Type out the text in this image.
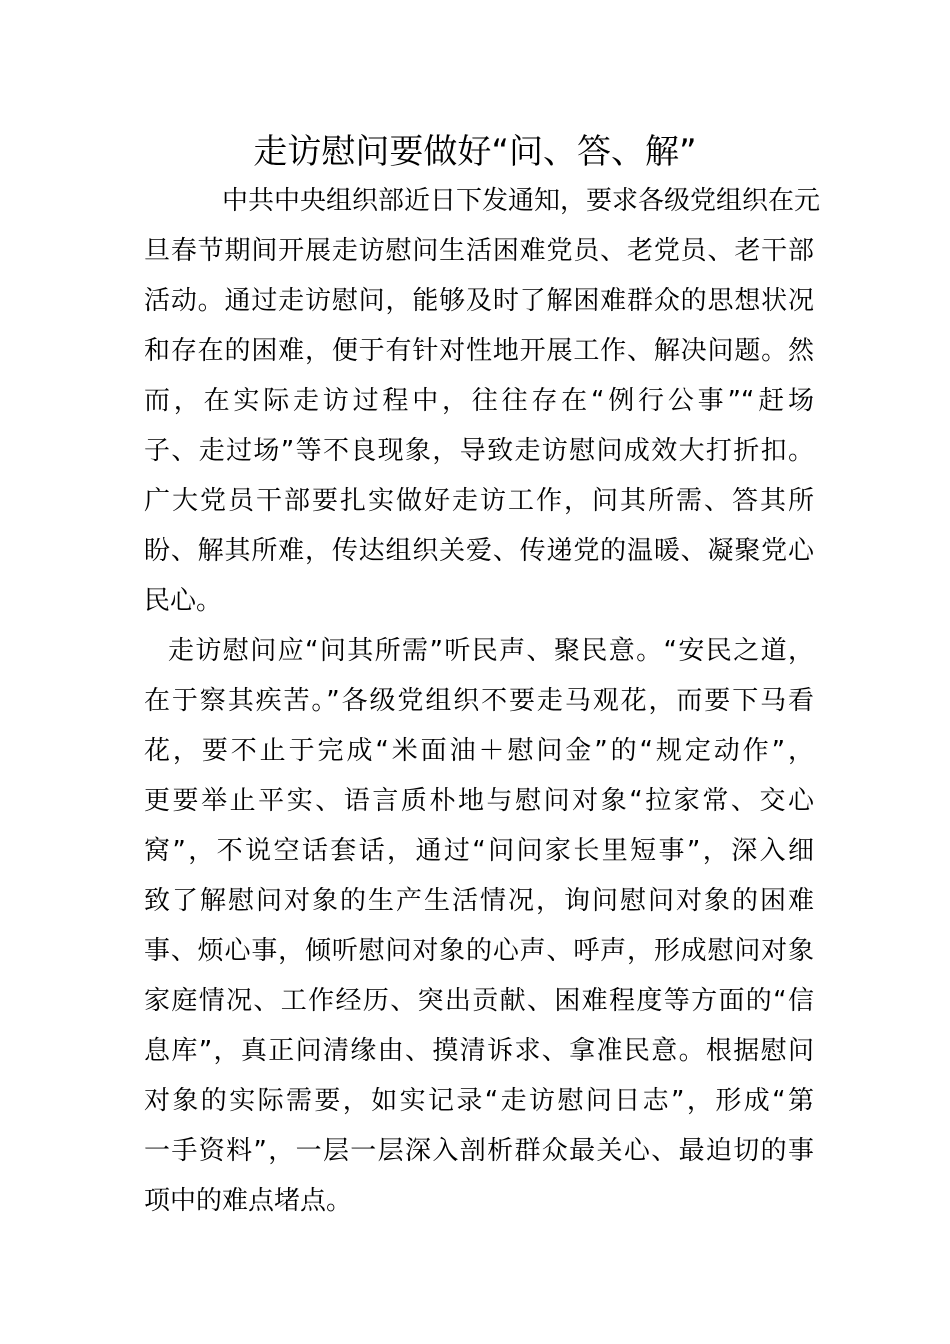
走访慰问要做好“问、答、解”
中共中央组织部近日下发通知，要求各级党组织在元
旦春节期间开展走访慰问生活困难党员、老党员、老干部
活动。通过走访慰问，能够及时了解困难群众的思想状况
和存在的困难，便于有针对性地开展工作、解决问题。然
而，在实际走访过程中，往往存在“例行公事”“赶场
子、走过场”等不良现象，导致走访慰问成效大打折扣。
广大党员干部要扎实做好走访工作，问其所需、答其所
盼、解其所难，传达组织关爱、传递党的温暖、凝聚党心
民心。
走访慰问应“问其所需”听民声、聚民意。“安民之道，
在于察其疾苦。”各级党组织不要走马观花，而要下马看
花，要不止于完成“米面油＋慰问金”的“规定动作”，
更要举止平实、语言质朴地与慰问对象“拉家常、交心
窝”，不说空话套话，通过“问问家长里短事”，深入细
致了解慰问对象的生产生活情况，询问慰问对象的困难
事、烦心事，倾听慰问对象的心声、呼声，形成慰问对象
家庭情况、工作经历、突出贡献、困难程度等方面的“信
息库”，真正问清缘由、摸清诉求、拿准民意。根据慰问
对象的实际需要，如实记录“走访慰问日志”，形成“第
一手资料”，一层一层深入剖析群众最关心、最迫切的事
项中的难点堵点。
